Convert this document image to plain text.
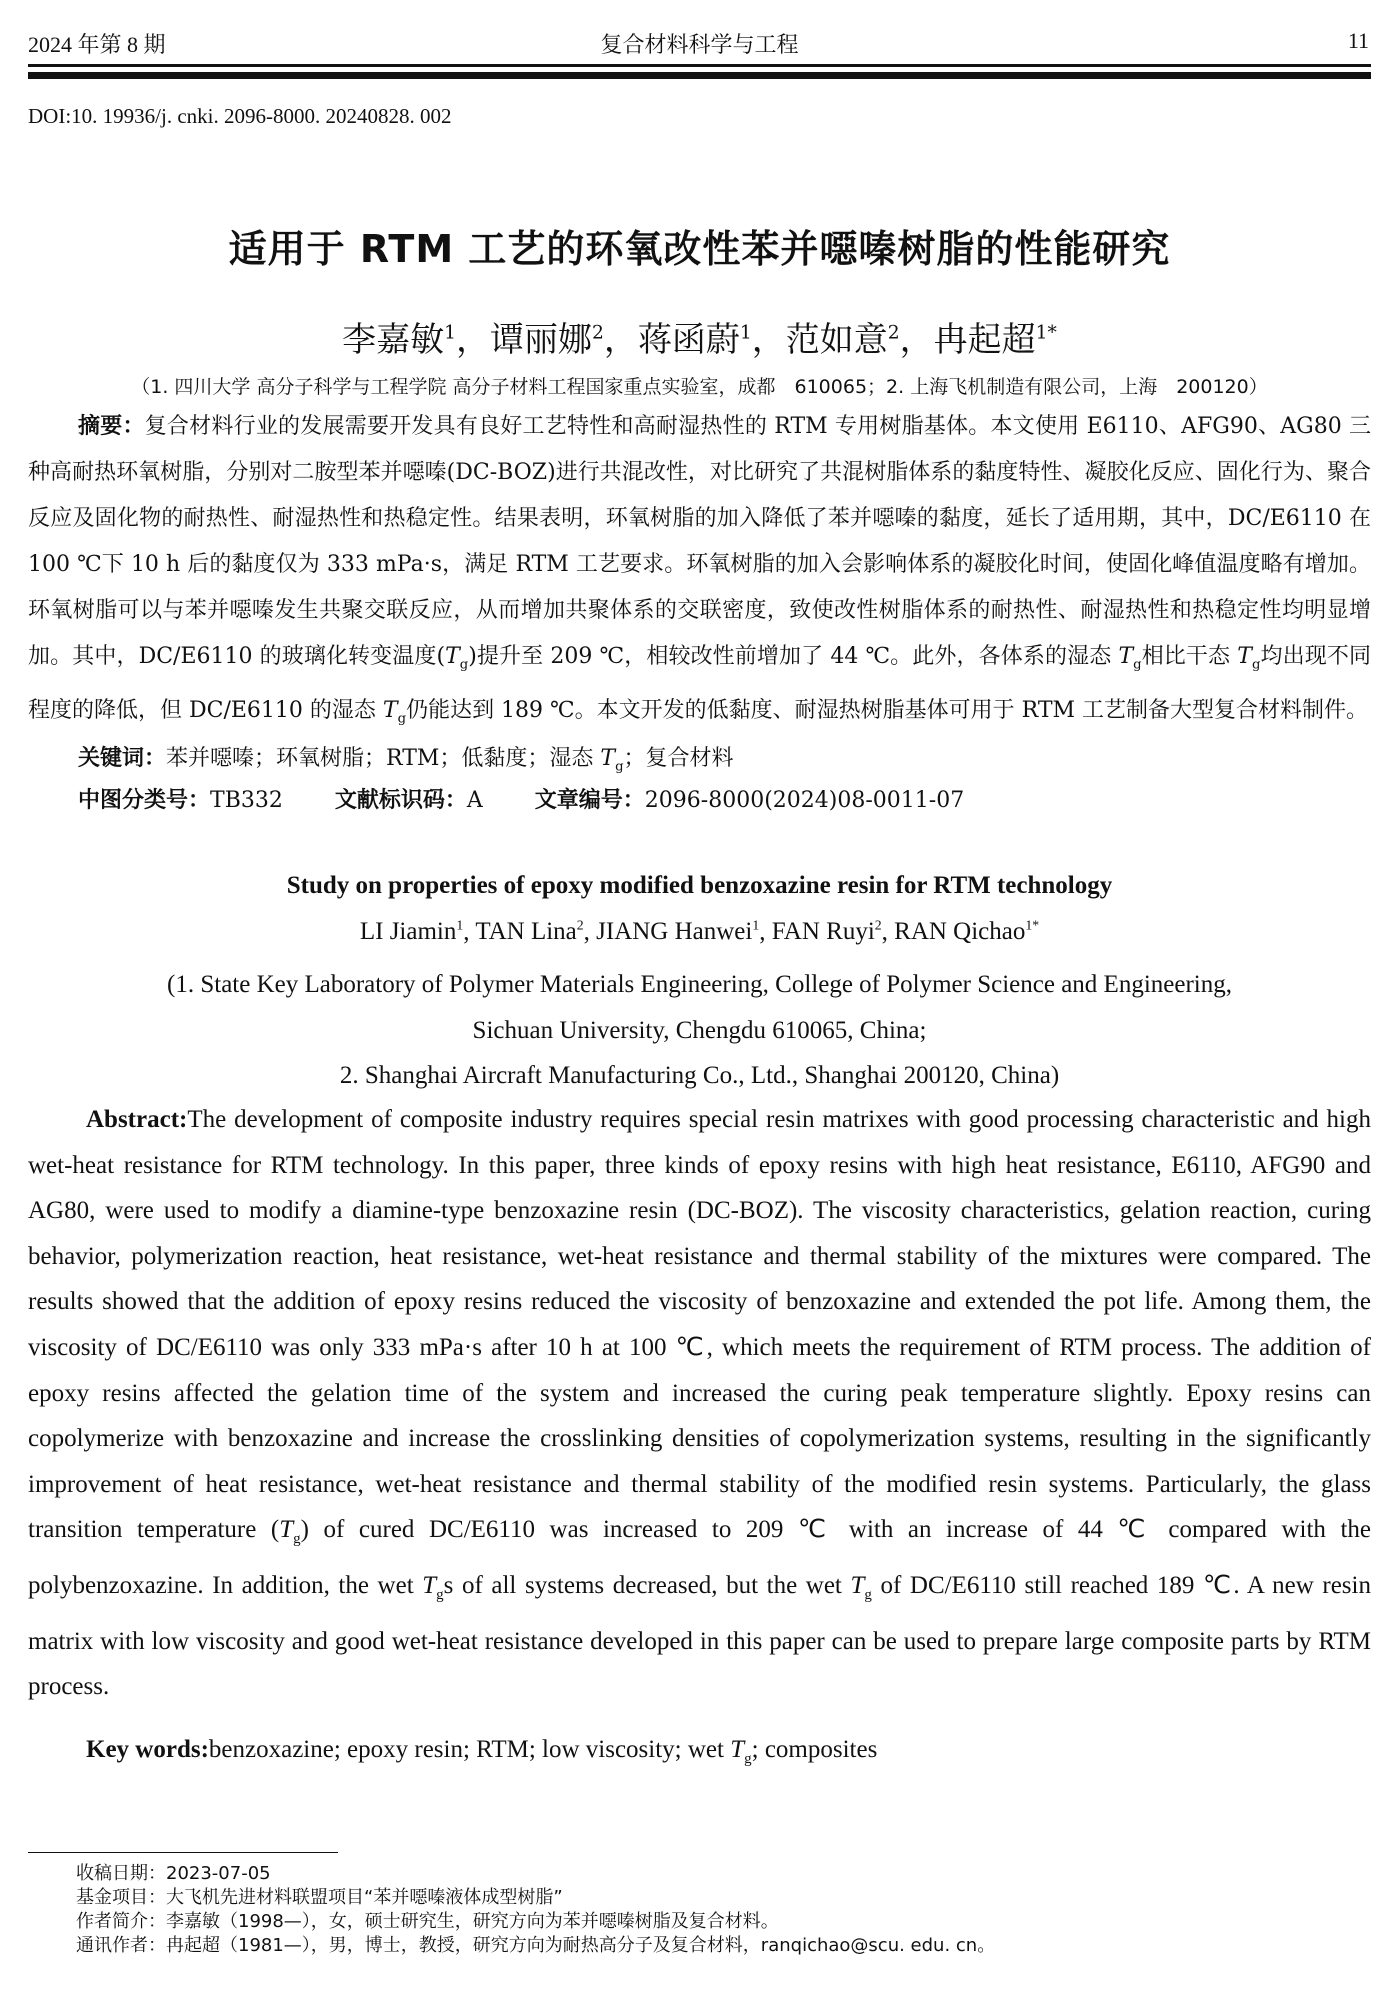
2024 年第 8 期	复合材料科学与工程	11
DOI:10. 19936/j. cnki. 2096-8000. 20240828. 002
适用于 RTM 工艺的环氧改性苯并噁嗪树脂的性能研究
李嘉敏$^1$，谭丽娜$^2$，蒋函蔚$^1$，范如意$^2$，冉起超$^{1*}$
（1. 四川大学 高分子科学与工程学院 高分子材料工程国家重点实验室，成都　610065；2. 上海飞机制造有限公司，上海　200120）
摘要：复合材料行业的发展需要开发具有良好工艺特性和高耐湿热性的 RTM 专用树脂基体。本文使用 E6110、AFG90、AG80 三种高耐热环氧树脂，分别对二胺型苯并噁嗪(DC-BOZ)进行共混改性，对比研究了共混树脂体系的黏度特性、凝胶化反应、固化行为、聚合反应及固化物的耐热性、耐湿热性和热稳定性。结果表明，环氧树脂的加入降低了苯并噁嗪的黏度，延长了适用期，其中，DC/E6110 在 100 ℃下 10 h 后的黏度仅为 333 mPa·s，满足 RTM 工艺要求。环氧树脂的加入会影响体系的凝胶化时间，使固化峰值温度略有增加。环氧树脂可以与苯并噁嗪发生共聚交联反应，从而增加共聚体系的交联密度，致使改性树脂体系的耐热性、耐湿热性和热稳定性均明显增加。其中，DC/E6110 的玻璃化转变温度$(T_g)$提升至 209 ℃，相较改性前增加了 44 ℃。此外，各体系的湿态 $T_g$相比干态 $T_g$均出现不同程度的降低，但 DC/E6110 的湿态 $T_g$仍能达到 189 ℃。本文开发的低黏度、耐湿热树脂基体可用于 RTM 工艺制备大型复合材料制件。
关键词：苯并噁嗪；环氧树脂；RTM；低黏度；湿态 $T_g$；复合材料
中图分类号：TB332 文献标识码：A 文章编号：2096-8000(2024)08-0011-07
Study on properties of epoxy modified benzoxazine resin for RTM technology
LI Jiamin$^1$, TAN Lina$^2$, JIANG Hanwei$^1$, FAN Ruyi$^2$, RAN Qichao$^{1*}$
(1. State Key Laboratory of Polymer Materials Engineering, College of Polymer Science and Engineering,
Sichuan University, Chengdu 610065, China;
2. Shanghai Aircraft Manufacturing Co., Ltd., Shanghai 200120, China)
Abstract:The development of composite industry requires special resin matrixes with good processing characteristic and high wet-heat resistance for RTM technology. In this paper, three kinds of epoxy resins with high heat resistance, E6110, AFG90 and AG80, were used to modify a diamine-type benzoxazine resin (DC-BOZ). The viscosity characteristics, gelation reaction, curing behavior, polymerization reaction, heat resistance, wet-heat resistance and thermal stability of the mixtures were compared. The results showed that the addition of epoxy resins reduced the viscosity of benzoxazine and extended the pot life. Among them, the viscosity of DC/E6110 was only 333 mPa·s after 10 h at 100 ℃, which meets the requirement of RTM process. The addition of epoxy resins affected the gelation time of the system and increased the curing peak temperature slightly. Epoxy resins can copolymerize with benzoxazine and increase the crosslinking densities of copolymerization systems, resulting in the significantly improvement of heat resistance, wet-heat resistance and thermal stability of the modified resin systems. Particularly, the glass transition temperature $(T_g)$ of cured DC/E6110 was increased to 209 ℃ with an increase of 44 ℃ compared with the polybenzoxazine. In addition, the wet $T_gs$ of all systems decreased, but the wet $T_g$ of DC/E6110 still reached 189 ℃. A new resin matrix with low viscosity and good wet-heat resistance developed in this paper can be used to prepare large composite parts by RTM process.
Key words:benzoxazine; epoxy resin; RTM; low viscosity; wet $T_g$; composites
收稿日期：2023-07-05
基金项目：大飞机先进材料联盟项目“苯并噁嗪液体成型树脂”
作者简介：李嘉敏（1998—），女，硕士研究生，研究方向为苯并噁嗪树脂及复合材料。
通讯作者：冉起超（1981—），男，博士，教授，研究方向为耐热高分子及复合材料，ranqichao@scu. edu. cn。
